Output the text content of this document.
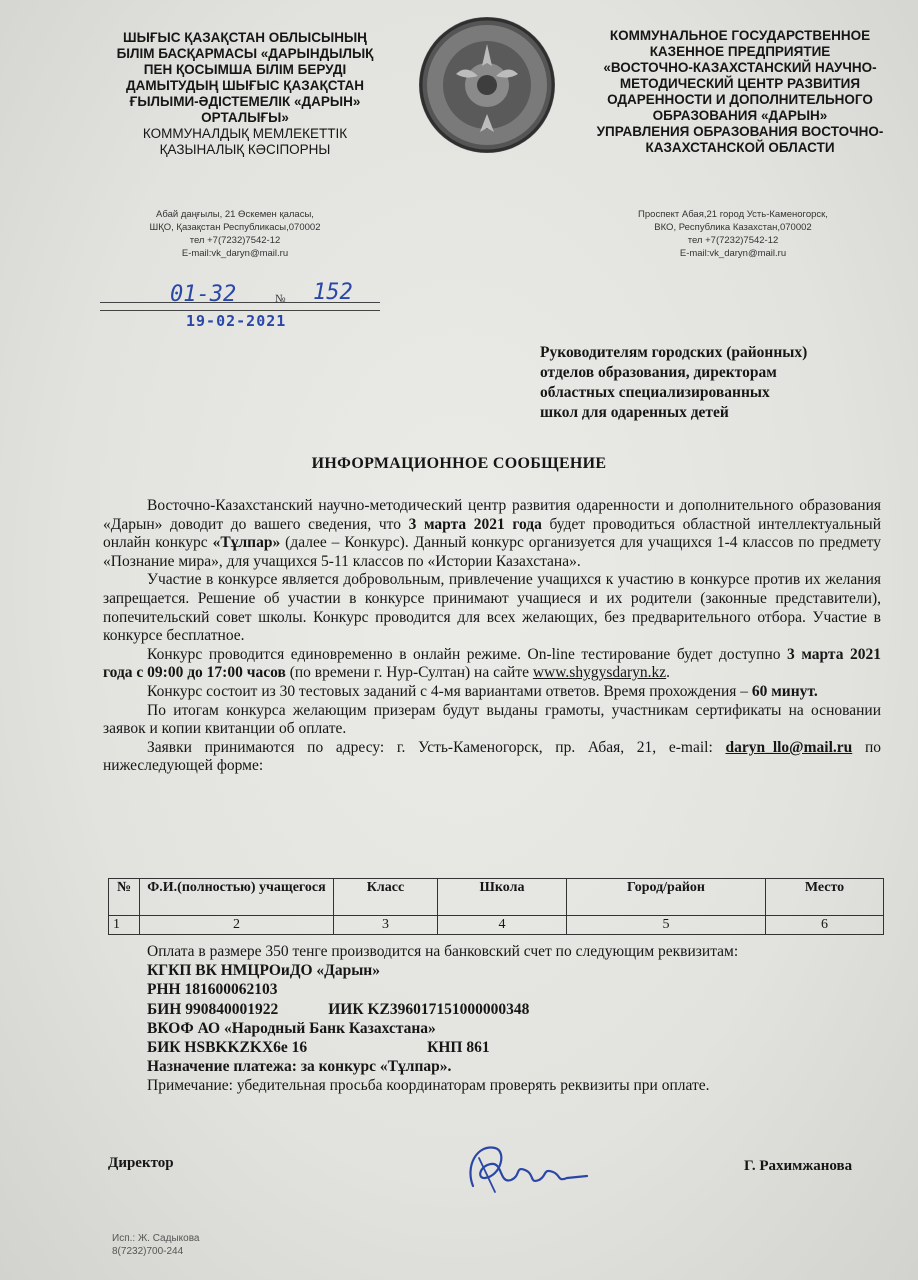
ШЫҒЫС ҚАЗАҚСТАН ОБЛЫСЫНЫҢ
БІЛІМ БАСҚАРМАСЫ «ДАРЫНДЫЛЫҚ
ПЕН ҚОСЫМША БІЛІМ БЕРУДІ
ДАМЫТУДЫҢ ШЫҒЫС ҚАЗАҚСТАН
ҒЫЛЫМИ-ӘДІСТЕМЕЛІК «ДАРЫН»
ОРТАЛЫҒЫ»
КОММУНАЛДЫҚ МЕМЛЕКЕТТІК
ҚАЗЫНАЛЫҚ КӘСІПОРНЫ
КОММУНАЛЬНОЕ ГОСУДАРСТВЕННОЕ
КАЗЕННОЕ ПРЕДПРИЯТИЕ
«ВОСТОЧНО-КАЗАХСТАНСКИЙ НАУЧНО-
МЕТОДИЧЕСКИЙ ЦЕНТР РАЗВИТИЯ
ОДАРЕННОСТИ И ДОПОЛНИТЕЛЬНОГО
ОБРАЗОВАНИЯ «ДАРЫН»
УПРАВЛЕНИЯ ОБРАЗОВАНИЯ ВОСТОЧНО-
КАЗАХСТАНСКОЙ ОБЛАСТИ
Абай даңғылы, 21 Өскемен қаласы,
ШҚО, Қазақстан Республикасы,070002
тел +7(7232)7542-12
E-mail:vk_daryn@mail.ru
Проспект Абая,21 город Усть-Каменогорск,
ВКО, Республика Казахстан,070002
тел +7(7232)7542-12
E-mail:vk_daryn@mail.ru
01-32	№ 152
19-02-2021
Руководителям городских (районных)
отделов образования, директорам
областных специализированных
школ для одаренных детей
ИНФОРМАЦИОННОЕ СООБЩЕНИЕ

Восточно-Казахстанский научно-методический центр развития одаренности и дополнительного образования «Дарын» доводит до вашего сведения, что 3 марта 2021 года будет проводиться областной интеллектуальный онлайн конкурс «Тұлпар» (далее – Конкурс). Данный конкурс организуется для учащихся 1-4 классов по предмету «Познание мира», для учащихся 5-11 классов по «Истории Казахстана».

Участие в конкурсе является добровольным, привлечение учащихся к участию в конкурсе против их желания запрещается. Решение об участии в конкурсе принимают учащиеся и их родители (законные представители), попечительский совет школы. Конкурс проводится для всех желающих, без предварительного отбора. Участие в конкурсе бесплатное.

Конкурс проводится единовременно в онлайн режиме. On-line тестирование будет доступно 3 марта 2021 года с 09:00 до 17:00 часов (по времени г. Нур-Султан) на сайте www.shygysdaryn.kz.

Конкурс состоит из 30 тестовых заданий с 4-мя вариантами ответов. Время прохождения – 60 минут.

По итогам конкурса желающим призерам будут выданы грамоты, участникам сертификаты на основании заявок и копии квитанции об оплате.

Заявки принимаются по адресу: г. Усть-Каменогорск, пр. Абая, 21, e-mail: daryn_llo@mail.ru по нижеследующей форме:

№	Ф.И.(полностью) учащегося	Класс	Школа	Город/район	Место
1	2	3	4	5	6
Оплата в размере 350 тенге производится на банковский счет по следующим реквизитам:
КГКП ВК НМЦРОиДО «Дарын»
РНН 181600062103
БИН 990840001922	ИИК KZ396017151000000348
ВКОФ АО «Народный Банк Казахстана»
БИК HSBKKZKX6e 16	КНП 861
Назначение платежа: за конкурс «Тұлпар».
Примечание: убедительная просьба координаторам проверять реквизиты при оплате.
Директор	Г. Рахимжанова
Исп.: Ж. Садыкова
8(7232)700-244
